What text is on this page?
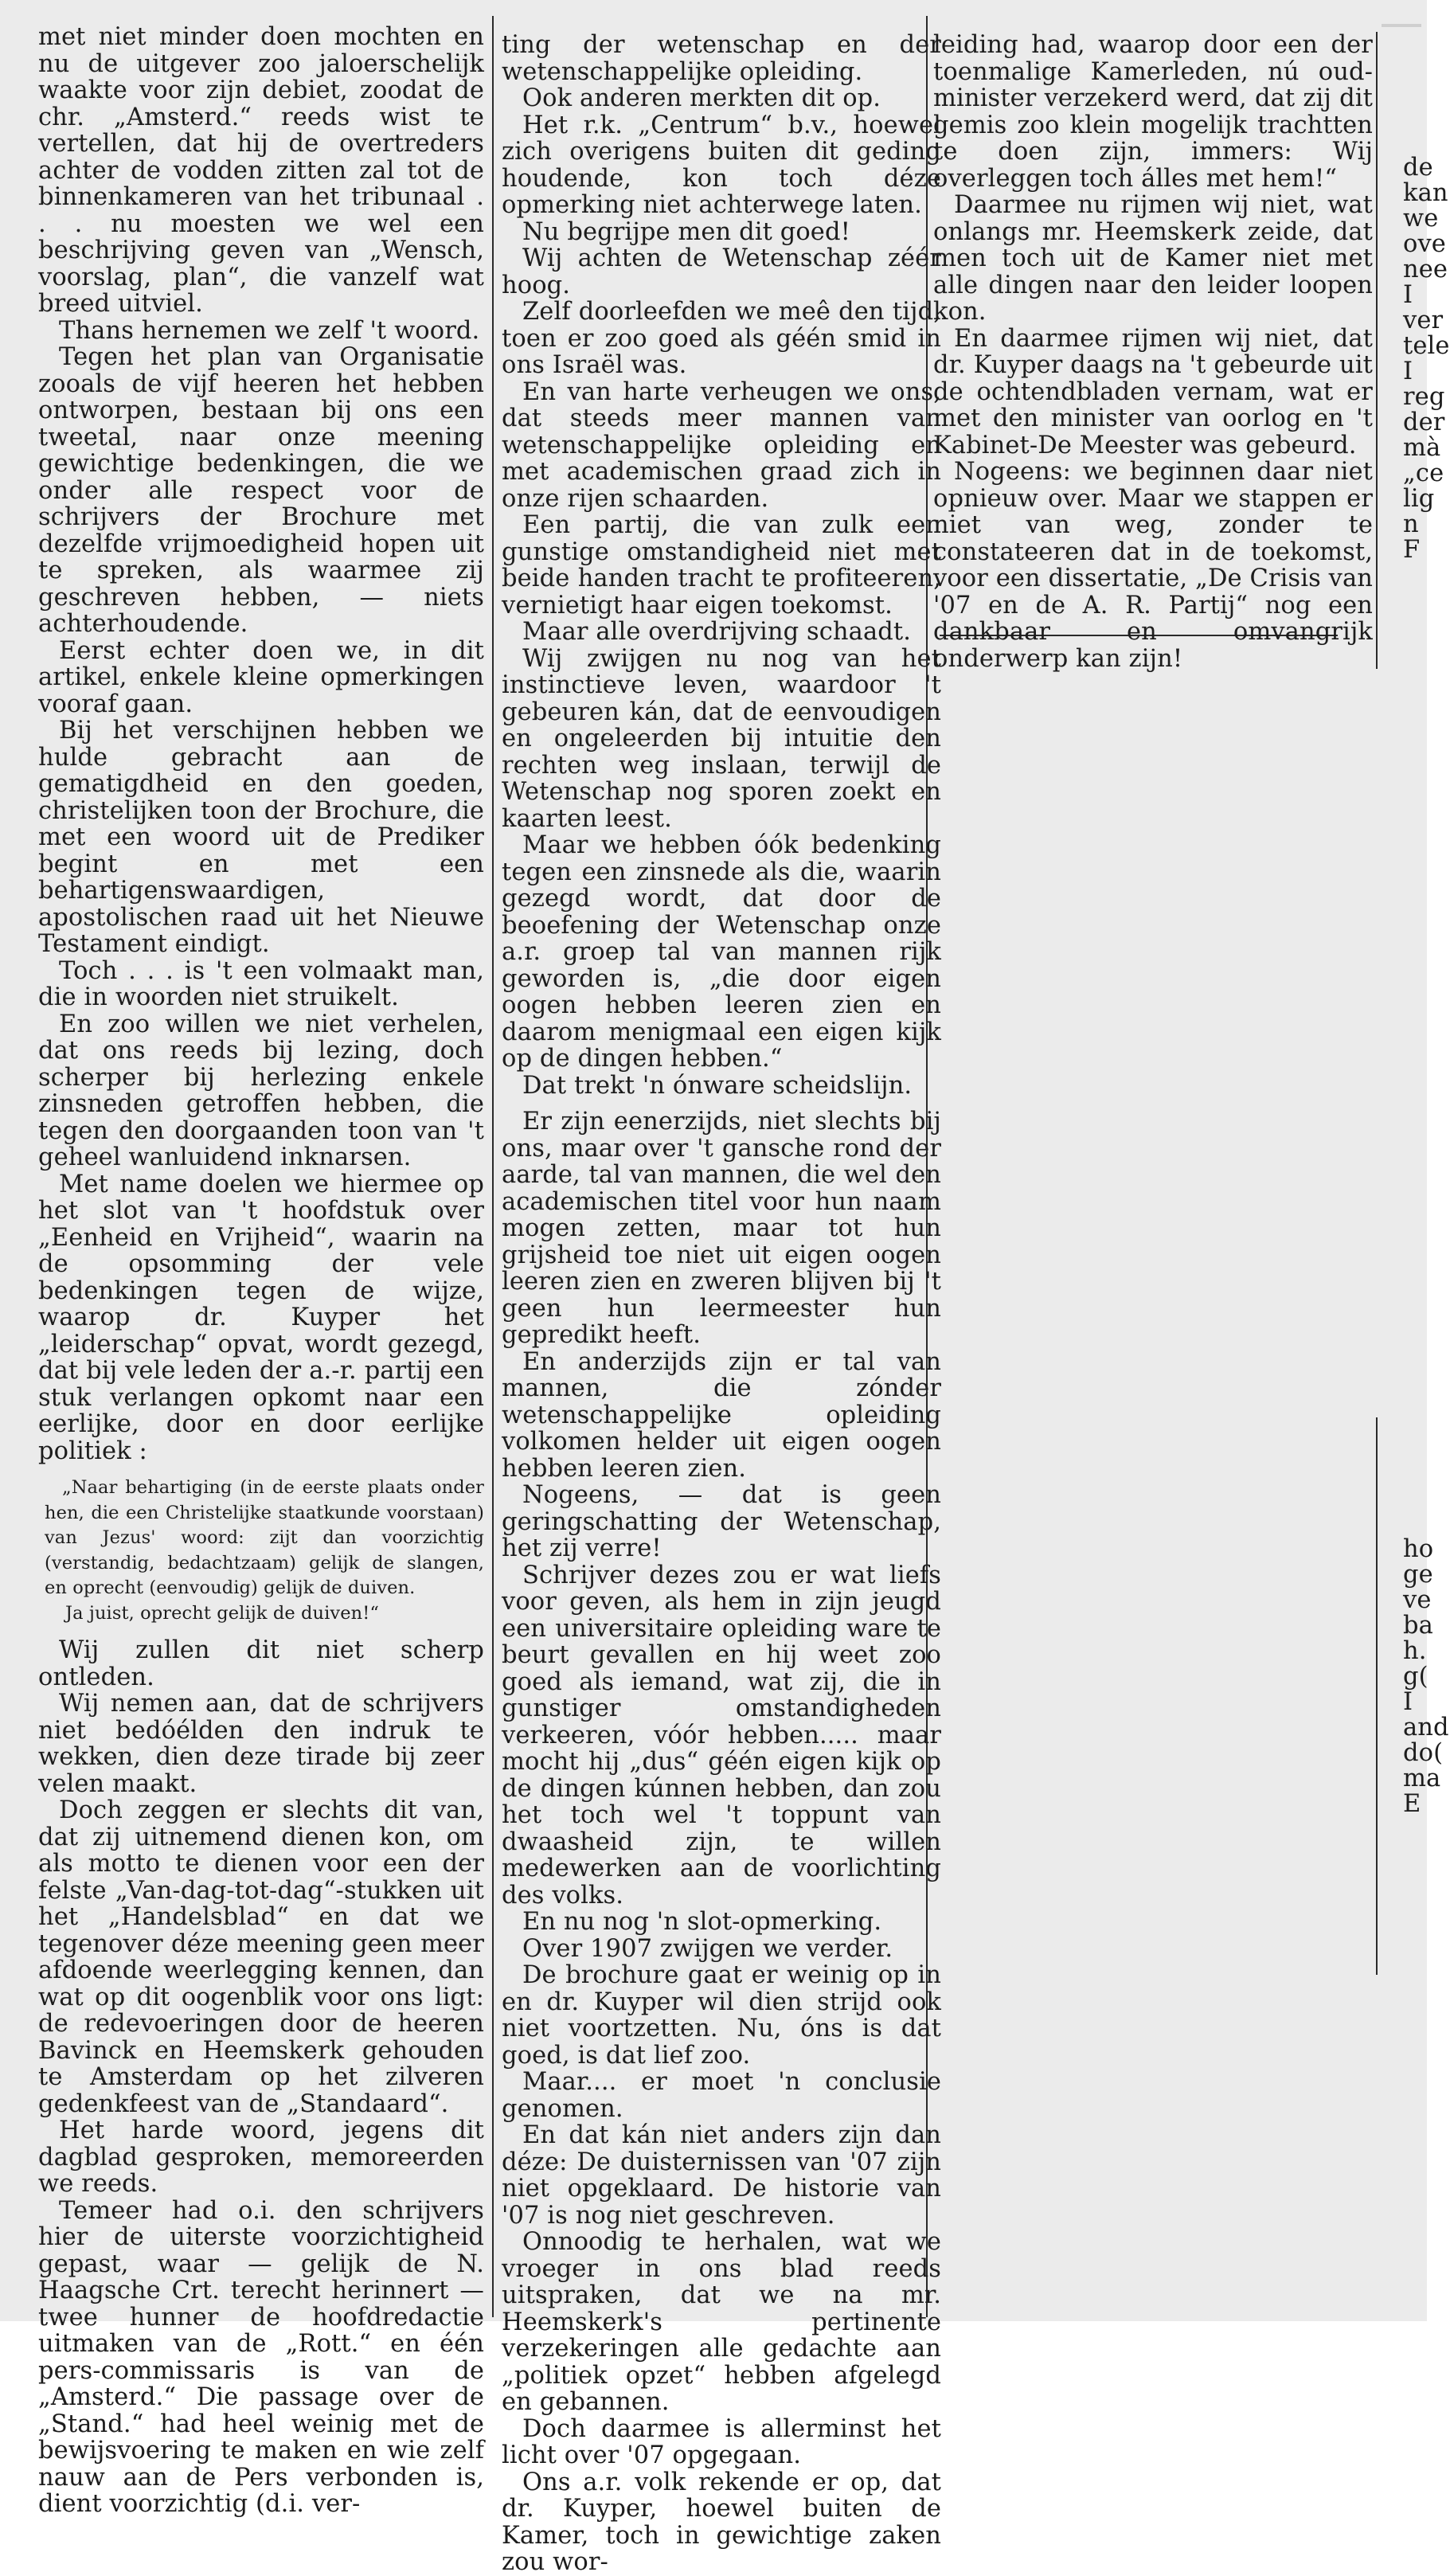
met niet minder doen mochten en nu de uitgever zoo jaloerschelijk waakte voor zijn debiet, zoodat de chr. „Amsterd.“ reeds wist te vertellen, dat hij de overtreders achter de vodden zitten zal tot de binnenkameren van het tribunaal . . . nu moesten we wel een beschrijving geven van „Wensch, voorslag, plan“, die vanzelf wat breed uitviel.

Thans hernemen we zelf 't woord.

Tegen het plan van Organisatie zooals de vijf heeren het hebben ontworpen, bestaan bij ons een tweetal, naar onze meening gewichtige bedenkingen, die we onder alle respect voor de schrijvers der Brochure met dezelfde vrijmoedigheid hopen uit te spreken, als waarmee zij geschreven hebben, — niets achterhoudende.

Eerst echter doen we, in dit artikel, enkele kleine opmerkingen vooraf gaan.

Bij het verschijnen hebben we hulde gebracht aan de gematigdheid en den goeden, christelijken toon der Brochure, die met een woord uit de Prediker begint en met een behartigenswaardigen, apostolischen raad uit het Nieuwe Testament eindigt.

Toch . . . is 't een volmaakt man, die in woorden niet struikelt.

En zoo willen we niet verhelen, dat ons reeds bij lezing, doch scherper bij herlezing enkele zinsneden getroffen hebben, die tegen den doorgaanden toon van 't geheel wanluidend inknarsen.

Met name doelen we hiermee op het slot van 't hoofdstuk over „Eenheid en Vrijheid“, waarin na de opsomming der vele bedenkingen tegen de wijze, waarop dr. Kuyper het „leiderschap“ opvat, wordt gezegd, dat bij vele leden der a.-r. partij een stuk verlangen opkomt naar een eerlijke, door en door eerlijke politiek :

„Naar behartiging (in de eerste plaats onder hen, die een Christelijke staatkunde voorstaan) van Jezus' woord: zijt dan voorzichtig (verstandig, bedachtzaam) gelijk de slangen, en oprecht (eenvoudig) gelijk de duiven.

Ja juist, oprecht gelijk de duiven!“

Wij zullen dit niet scherp ontleden.

Wij nemen aan, dat de schrijvers niet bedóélden den indruk te wekken, dien deze tirade bij zeer velen maakt.

Doch zeggen er slechts dit van, dat zij uitnemend dienen kon, om als motto te dienen voor een der felste „Van-dag-tot-dag“-stukken uit het „Handelsblad“ en dat we tegenover déze meening geen meer afdoende weerlegging kennen, dan wat op dit oogenblik voor ons ligt: de redevoeringen door de heeren Bavinck en Heemskerk gehouden te Amsterdam op het zilveren gedenkfeest van de „Standaard“.

Het harde woord, jegens dit dagblad gesproken, memoreerden we reeds.

Temeer had o.i. den schrijvers hier de uiterste voorzichtigheid gepast, waar — gelijk de N. Haagsche Crt. terecht herinnert — twee hunner de hoofdredactie uitmaken van de „Rott.“ en één pers-commissaris is van de „Amsterd.“ Die passage over de „Stand.“ had heel weinig met de bewijsvoering te maken en wie zelf nauw aan de Pers verbonden is, dient voorzichtig (d.i. ver-

ting der wetenschap en der wetenschappelijke opleiding.

Ook anderen merkten dit op.

Het r.k. „Centrum“ b.v., hoewel zich overigens buiten dit geding houdende, kon toch déze opmerking niet achterwege laten.

Nu begrijpe men dit goed!

Wij achten de Wetenschap zéér hoog.

Zelf doorleefden we meê den tijd, toen er zoo goed als géén smid in ons Israël was.

En van harte verheugen we ons, dat steeds meer mannen van wetenschappelijke opleiding en met academischen graad zich in onze rijen schaarden.

Een partij, die van zulk een gunstige omstandigheid niet met beide handen tracht te profiteeren, vernietigt haar eigen toekomst.

Maar alle overdrijving schaadt.

Wij zwijgen nu nog van het instinctieve leven, waardoor 't gebeuren kán, dat de eenvoudigen en ongeleerden bij intuitie den rechten weg inslaan, terwijl de Wetenschap nog sporen zoekt en kaarten leest.

Maar we hebben óók bedenking tegen een zinsnede als die, waarin gezegd wordt, dat door de beoefening der Wetenschap onze a.r. groep tal van mannen rijk geworden is, „die door eigen oogen hebben leeren zien en daarom menigmaal een eigen kijk op de dingen hebben.“

Dat trekt 'n ónware scheidslijn.

Er zijn eenerzijds, niet slechts bij ons, maar over 't gansche rond der aarde, tal van mannen, die wel den academischen titel voor hun naam mogen zetten, maar tot hun grijsheid toe niet uit eigen oogen leeren zien en zweren blijven bij 't geen hun leermeester hun gepredikt heeft.

En anderzijds zijn er tal van mannen, die zónder wetenschappelijke opleiding volkomen helder uit eigen oogen hebben leeren zien.

Nogeens, — dat is geen geringschatting der Wetenschap, het zij verre!

Schrijver dezes zou er wat liefs voor geven, als hem in zijn jeugd een universitaire opleiding ware te beurt gevallen en hij weet zoo goed als iemand, wat zij, die in gunstiger omstandigheden verkeeren, vóór hebben..... maar mocht hij „dus“ géén eigen kijk op de dingen kúnnen hebben, dan zou het toch wel 't toppunt van dwaasheid zijn, te willen medewerken aan de voorlichting des volks.

En nu nog 'n slot-opmerking.

Over 1907 zwijgen we verder.

De brochure gaat er weinig op in en dr. Kuyper wil dien strijd ook niet voortzetten. Nu, óns is dat goed, is dat lief zoo.

Maar.... er moet 'n conclusie genomen.

En dat kán niet anders zijn dan déze: De duisternissen van '07 zijn niet opgeklaard. De historie van '07 is nog niet geschreven.

Onnoodig te herhalen, wat we vroeger in ons blad reeds uitspraken, dat we na mr. Heemskerk's pertinente verzekeringen alle gedachte aan „politiek opzet“ hebben afgelegd en gebannen.

Doch daarmee is allerminst het licht over '07 opgegaan.

Ons a.r. volk rekende er op, dat dr. Kuyper, hoewel buiten de Kamer, toch in gewichtige zaken zou wor-

leiding had, waarop door een der toenmalige Kamerleden, nú oud-minister verzekerd werd, dat zij dit gemis zoo klein mogelijk trachtten te doen zijn, immers: Wij overleggen toch álles met hem!“

Daarmee nu rijmen wij niet, wat onlangs mr. Heemskerk zeide, dat men toch uit de Kamer niet met alle dingen naar den leider loopen kon.

En daarmee rijmen wij niet, dat dr. Kuyper daags na 't gebeurde uit de ochtendbladen vernam, wat er met den minister van oorlog en 't Kabinet-De Meester was gebeurd.

Nogeens: we beginnen daar niet opnieuw over. Maar we stappen er niet van weg, zonder te constateeren dat in de toekomst, voor een dissertatie, „De Crisis van '07 en de A. R. Partij“ nog een dankbaar en omvangrijk onderwerp kan zijn!

de

kan

we

ove

nee

I

ver

tele

I

reg

der

mà

„ce

lig

n

F

ho

ge

ve

ba

h.

g(

I

and

do(

ma

E
